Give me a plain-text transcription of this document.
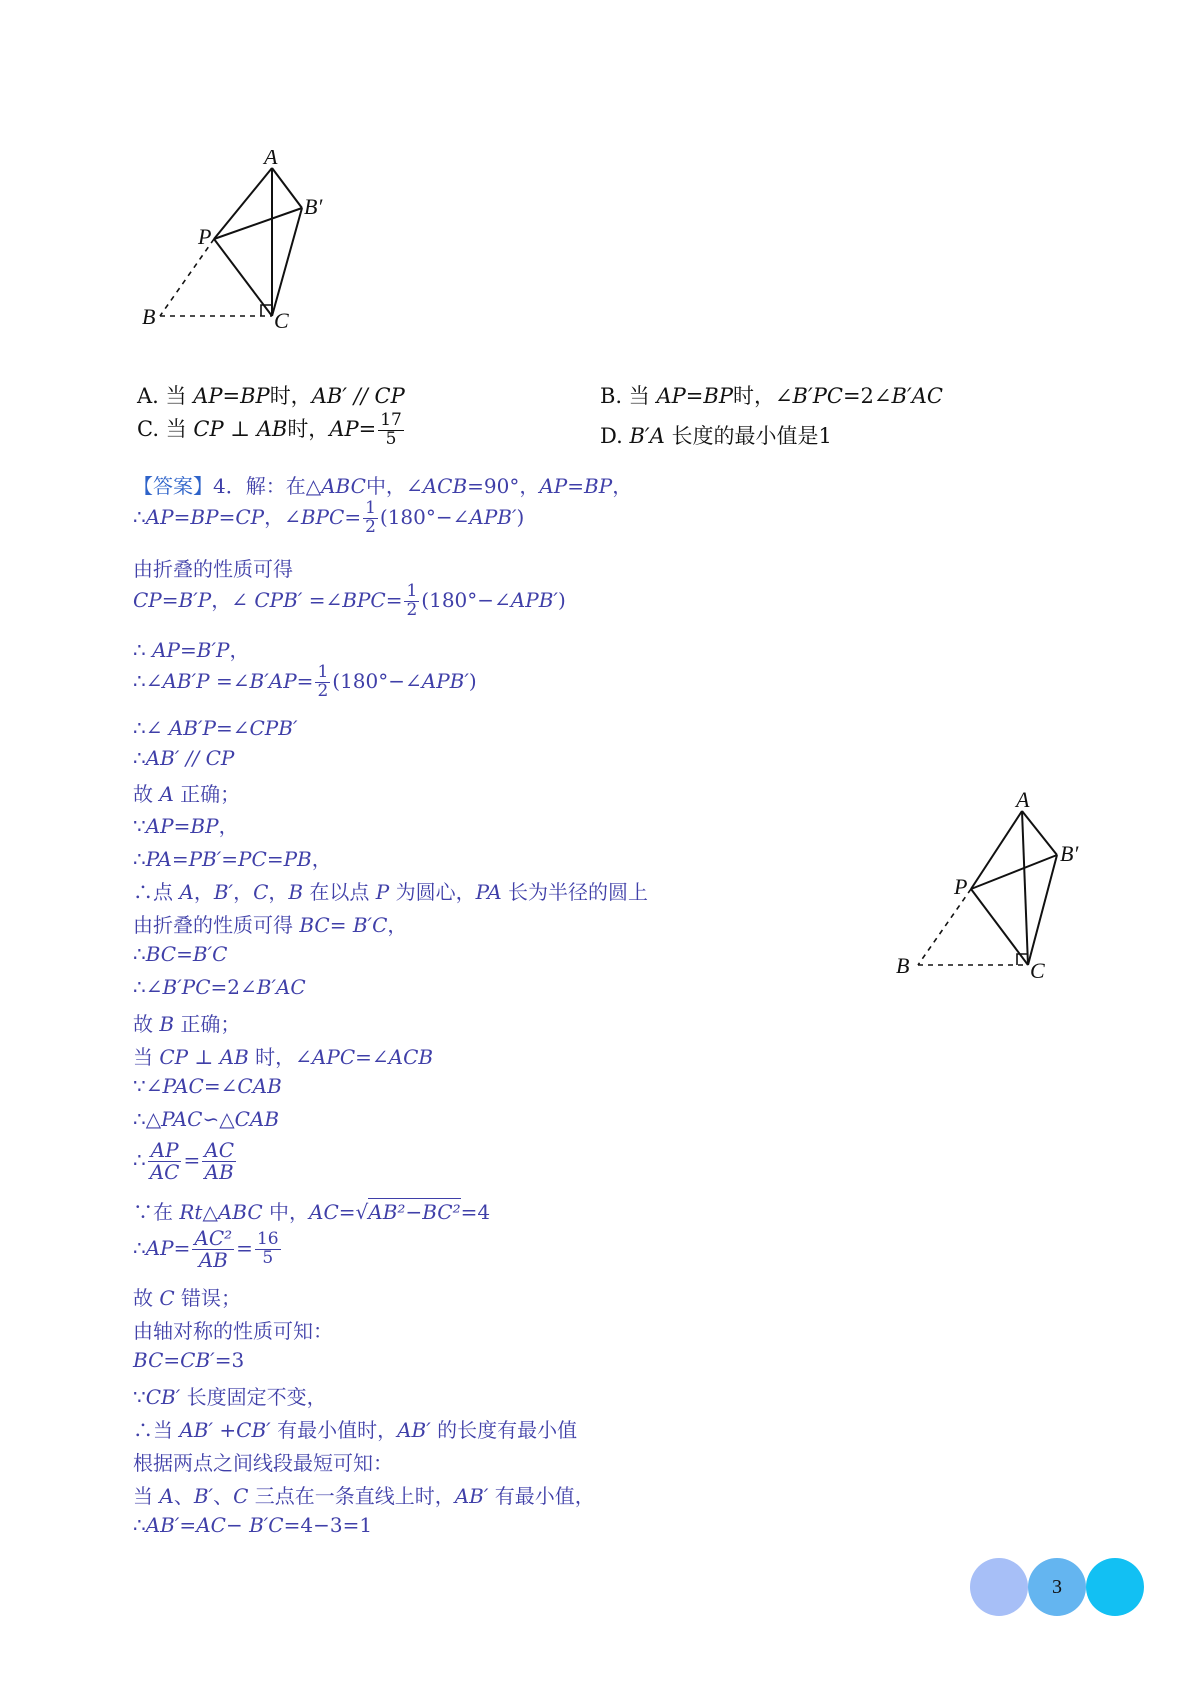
A
B′
P
B	C
A. 当 AP=BP时，AB′ // CP	B. 当 AP=BP时，∠B′PC=2∠B′AC
C. 当 CP ⊥ AB时，$AP= \frac{17}{5}$	D. B′A 长度的最小值是1
【答案】4．解：在△ABC中，∠ACB=90°，AP=BP，
∴AP=BP=CP，∠BPC= $\frac{1}{2}$ (180°−∠APB′)
由折叠的性质可得
CP=B′P，∠ CPB′ =∠BPC= $\frac{1}{2}$ (180°−∠APB′)
∴ AP=B′P，
∴∠AB′P =∠B′AP= $\frac{1}{2}$ (180°−∠APB′)
∴∠ AB′P=∠CPB′
∴AB′ // CP
故 A 正确；
∵AP=BP，
∴PA=PB′=PC=PB，
∴点 A，B′，C，B 在以点 P 为圆心，PA 长为半径的圆上
由折叠的性质可得 BC= B′C，
∴BC=B′C
∴∠B′PC=2∠B′AC
故 B 正确；
当 CP ⊥ AB 时，∠APC=∠ACB
∵∠PAC=∠CAB
∴△PAC∽△CAB
∴ $\frac{AP}{AC} = \frac{AC}{AB}$
∵在 Rt△ABC 中，AC=√AB²−BC²=4
∴AP= $\frac{\text{AC²}}{AB} = \frac{16}{5}$
故 C 错误；
由轴对称的性质可知：
BC=CB′=3
∵CB′ 长度固定不变，
∴当 AB′ +CB′ 有最小值时，AB′ 的长度有最小值
根据两点之间线段最短可知：
当 A、B′、C 三点在一条直线上时，AB′ 有最小值，
∴AB′=AC− B′C=4−3=1
A
B′
P
B	C
3
